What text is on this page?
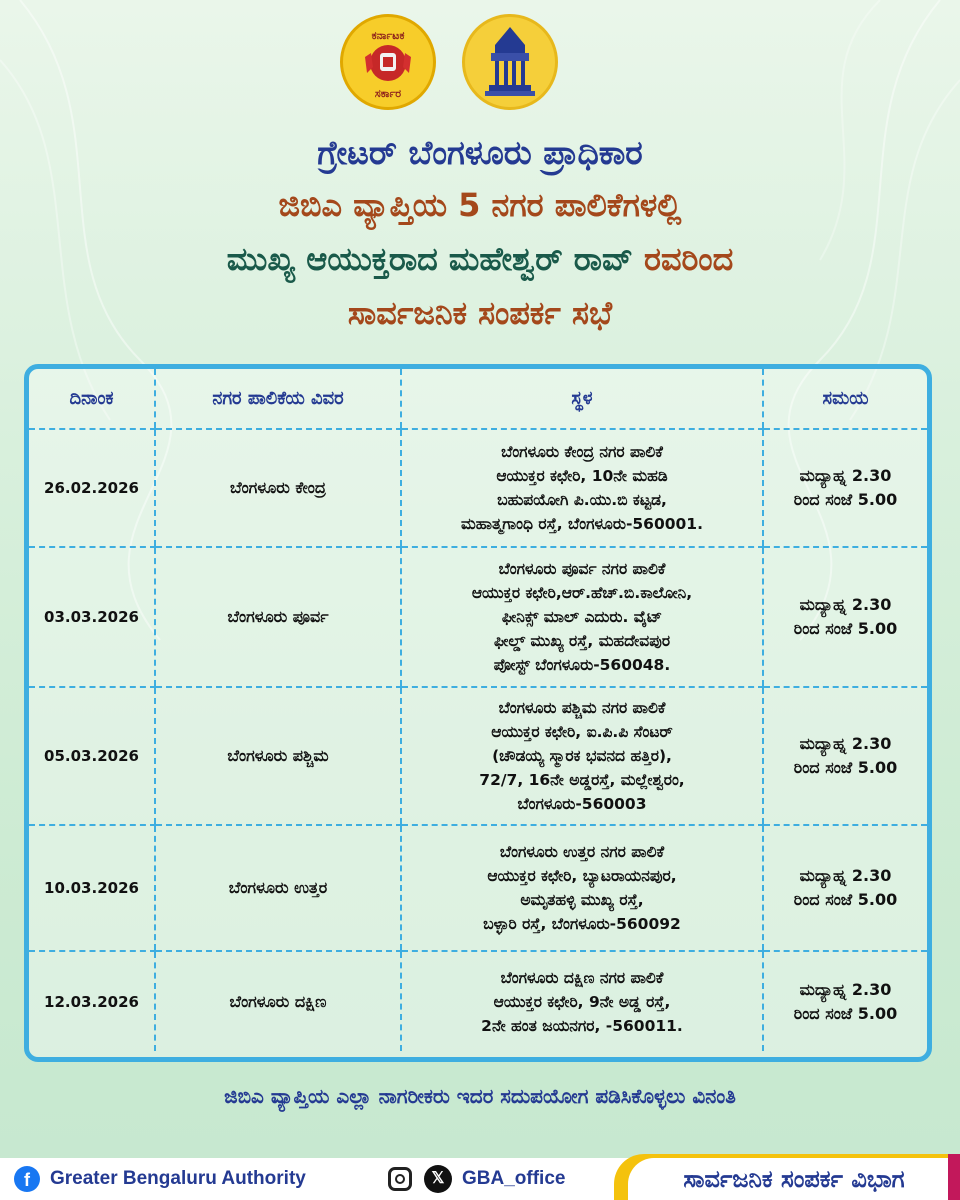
ಕರ್ನಾಟಕ
ಸರ್ಕಾರ
ಗ್ರೇಟರ್ ಬೆಂಗಳೂರು ಪ್ರಾಧಿಕಾರ
ಜಿಬಿಎ ವ್ಯಾಪ್ತಿಯ 5 ನಗರ ಪಾಲಿಕೆಗಳಲ್ಲಿ
ಮುಖ್ಯ ಆಯುಕ್ತರಾದ ಮಹೇಶ್ವರ್ ರಾವ್ ರವರಿಂದ
ಸಾರ್ವಜನಿಕ ಸಂಪರ್ಕ ಸಭೆ
ದಿನಾಂಕ	ನಗರ ಪಾಲಿಕೆಯ ವಿವರ	ಸ್ಥಳ	ಸಮಯ
26.02.2026	ಬೆಂಗಳೂರು ಕೇಂದ್ರ	ಬೆಂಗಳೂರು ಕೇಂದ್ರ ನಗರ ಪಾಲಿಕೆ
ಆಯುಕ್ತರ ಕಛೇರಿ, 10ನೇ ಮಹಡಿ
ಬಹುಪಯೋಗಿ ಪಿ.ಯು.ಬಿ ಕಟ್ಟಡ,
ಮಹಾತ್ಮಗಾಂಧಿ ರಸ್ತೆ, ಬೆಂಗಳೂರು-560001.	ಮದ್ಯಾಹ್ನ 2.30
ರಿಂದ ಸಂಜೆ 5.00

03.03.2026	ಬೆಂಗಳೂರು ಪೂರ್ವ	ಬೆಂಗಳೂರು ಪೂರ್ವ ನಗರ ಪಾಲಿಕೆ
ಆಯುಕ್ತರ ಕಛೇರಿ,ಆರ್.ಹೆಚ್.ಬಿ.ಕಾಲೋನಿ,
ಫೀನಿಕ್ಸ್ ಮಾಲ್ ಎದುರು. ವೈಟ್
ಫೀಲ್ಡ್ ಮುಖ್ಯ ರಸ್ತೆ, ಮಹದೇವಪುರ
ಪೋಸ್ಟ್ ಬೆಂಗಳೂರು-560048.	ಮದ್ಯಾಹ್ನ 2.30
ರಿಂದ ಸಂಜೆ 5.00

05.03.2026	ಬೆಂಗಳೂರು ಪಶ್ಚಿಮ	ಬೆಂಗಳೂರು ಪಶ್ಚಿಮ ನಗರ ಪಾಲಿಕೆ
ಆಯುಕ್ತರ ಕಛೇರಿ, ಐ.ಪಿ.ಪಿ ಸೆಂಟರ್
(ಚೌಡಯ್ಯ ಸ್ಮಾರಕ ಭವನದ ಹತ್ತಿರ),
72/7, 16ನೇ ಅಡ್ಡರಸ್ತೆ, ಮಲ್ಲೇಶ್ವರಂ,
ಬೆಂಗಳೂರು-560003	ಮದ್ಯಾಹ್ನ 2.30
ರಿಂದ ಸಂಜೆ 5.00

10.03.2026	ಬೆಂಗಳೂರು ಉತ್ತರ	ಬೆಂಗಳೂರು ಉತ್ತರ ನಗರ ಪಾಲಿಕೆ
ಆಯುಕ್ತರ ಕಛೇರಿ, ಬ್ಯಾಟರಾಯನಪುರ,
ಅಮೃತಹಳ್ಳಿ ಮುಖ್ಯ ರಸ್ತೆ,
ಬಳ್ಳಾರಿ ರಸ್ತೆ, ಬೆಂಗಳೂರು-560092	ಮದ್ಯಾಹ್ನ 2.30
ರಿಂದ ಸಂಜೆ 5.00

12.03.2026	ಬೆಂಗಳೂರು ದಕ್ಷಿಣ	ಬೆಂಗಳೂರು ದಕ್ಷಿಣ ನಗರ ಪಾಲಿಕೆ
ಆಯುಕ್ತರ ಕಛೇರಿ, 9ನೇ ಅಡ್ಡ ರಸ್ತೆ,
2ನೇ ಹಂತ ಜಯನಗರ, -560011.	ಮದ್ಯಾಹ್ನ 2.30
ರಿಂದ ಸಂಜೆ 5.00
ಜಿಬಿಎ ವ್ಯಾಪ್ತಿಯ ಎಲ್ಲಾ ನಾಗರೀಕರು ಇದರ ಸದುಪಯೋಗ ಪಡಿಸಿಕೊಳ್ಳಲು ವಿನಂತಿ
f	Greater Bengaluru Authority	𝕏 GBA_office	ಸಾರ್ವಜನಿಕ ಸಂಪರ್ಕ ವಿಭಾಗ
